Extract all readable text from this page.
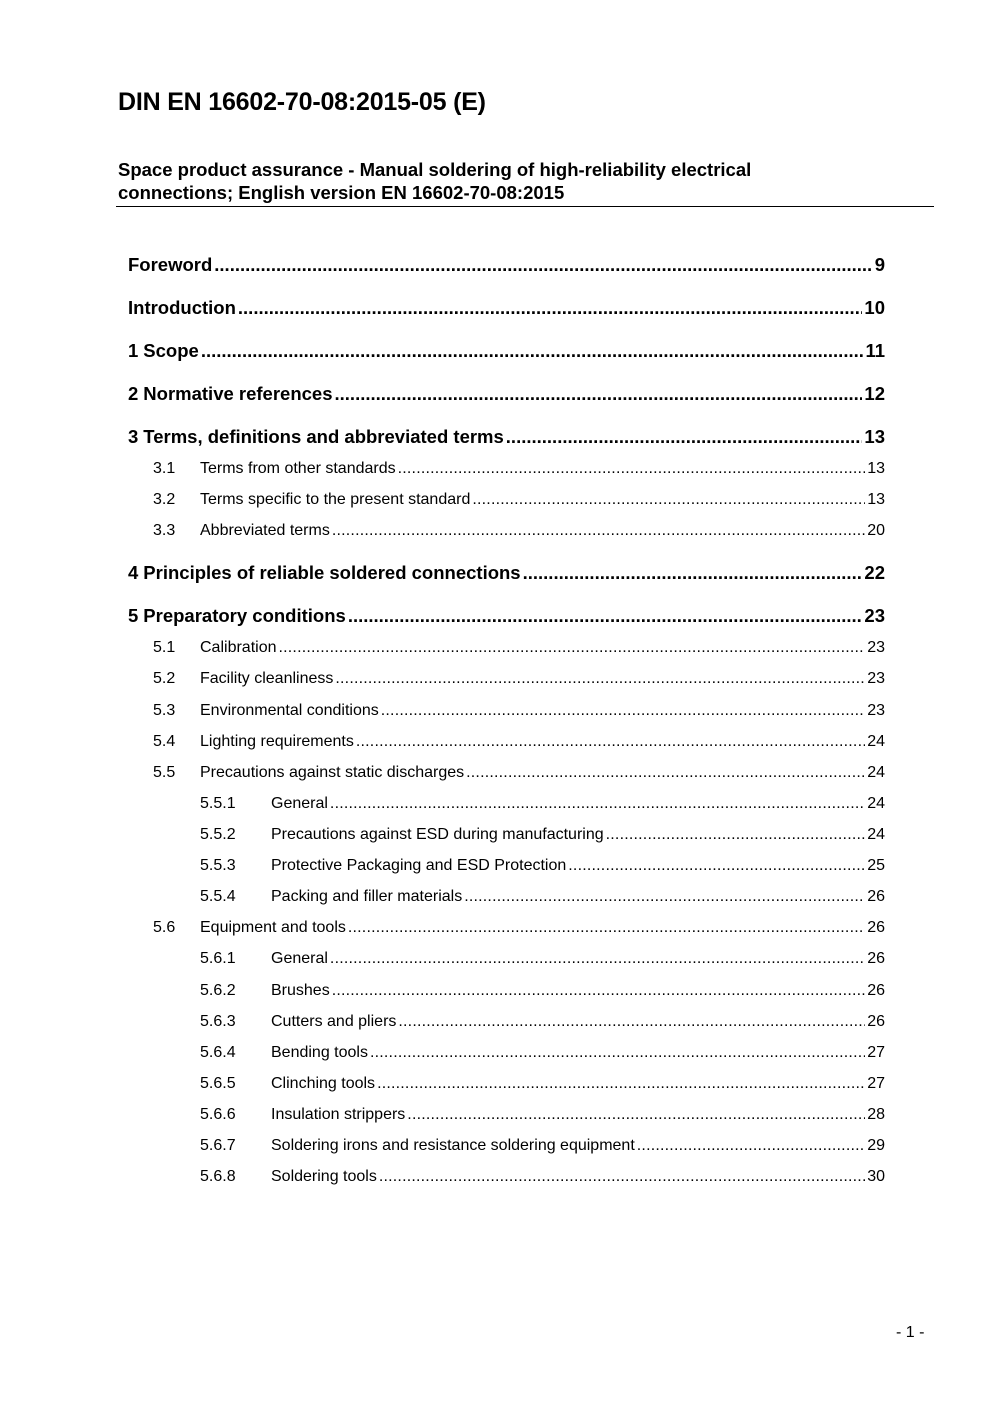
DIN EN 16602-70-08:2015-05 (E)
Space product assurance - Manual soldering of high-reliability electrical connections; English version EN 16602-70-08:2015
Foreword .....	9
Introduction .....	10
1 Scope .....	11
2 Normative references .....	12
3 Terms, definitions and abbreviated terms .....	13
3.1	Terms from other standards .....	13
3.2	Terms specific to the present standard .....	13
3.3	Abbreviated terms .....	20
4 Principles of reliable soldered connections .....	22
5 Preparatory conditions .....	23
5.1	Calibration .....	23
5.2	Facility cleanliness .....	23
5.3	Environmental conditions .....	23
5.4	Lighting requirements .....	24
5.5	Precautions against static discharges .....	24
5.5.1	General .....	24
5.5.2	Precautions against ESD during manufacturing .....	24
5.5.3	Protective Packaging and ESD Protection .....	25
5.5.4	Packing and filler materials .....	26
5.6	Equipment and tools .....	26
5.6.1	General .....	26
5.6.2	Brushes .....	26
5.6.3	Cutters and pliers .....	26
5.6.4	Bending tools .....	27
5.6.5	Clinching tools .....	27
5.6.6	Insulation strippers .....	28
5.6.7	Soldering irons and resistance soldering equipment .....	29
5.6.8	Soldering tools .....	30
- 1 -
